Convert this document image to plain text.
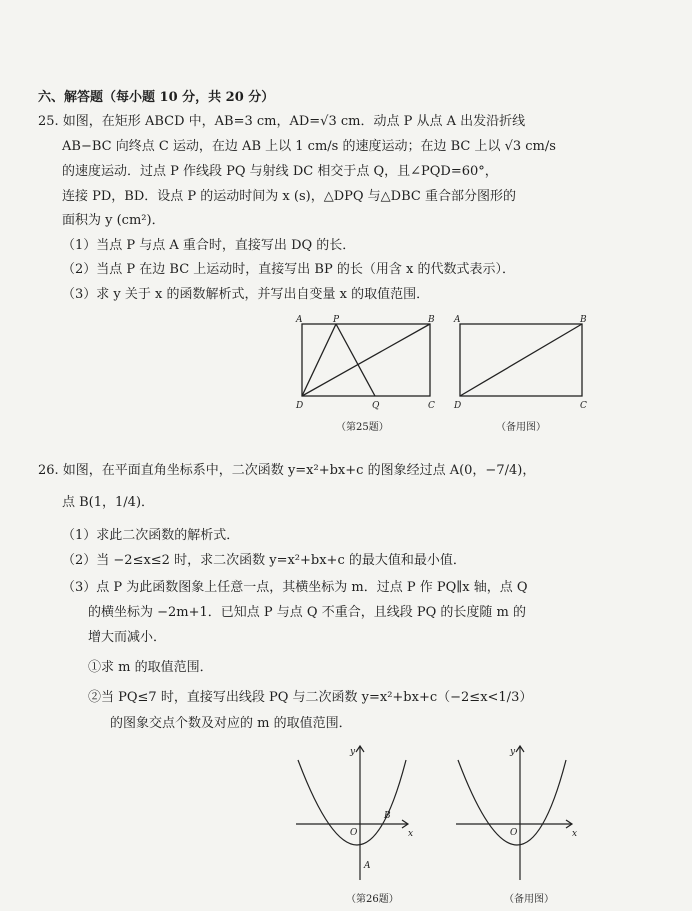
六、解答题（每小题 10 分，共 20 分）
25. 如图，在矩形 ABCD 中，AB=3 cm，AD=√3 cm．动点 P 从点 A 出发沿折线
AB−BC 向终点 C 运动，在边 AB 上以 1 cm/s 的速度运动；在边 BC 上以 √3 cm/s
的速度运动．过点 P 作线段 PQ 与射线 DC 相交于点 Q，且∠PQD=60°，
连接 PD，BD．设点 P 的运动时间为 x (s)，△DPQ 与△DBC 重合部分图形的
面积为 y (cm²)．
（1）当点 P 与点 A 重合时，直接写出 DQ 的长．
（2）当点 P 在边 BC 上运动时，直接写出 BP 的长（用含 x 的代数式表示）．
（3）求 y 关于 x 的函数解析式，并写出自变量 x 的取值范围．
A	P	B
D	Q	C
A	B
D	C
（第25题）	（备用图）
26. 如图，在平面直角坐标系中，二次函数 y=x²+bx+c 的图象经过点 A(0，−7/4)，
点 B(1，1/4)．
（1）求此二次函数的解析式．
（2）当 −2≤x≤2 时，求二次函数 y=x²+bx+c 的最大值和最小值．
（3）点 P 为此函数图象上任意一点，其横坐标为 m．过点 P 作 PQ∥x 轴，点 Q
的横坐标为 −2m+1．已知点 P 与点 Q 不重合，且线段 PQ 的长度随 m 的
增大而减小．
①求 m 的取值范围．
②当 PQ≤7 时，直接写出线段 PQ 与二次函数 y=x²+bx+c（−2≤x<1/3）
的图象交点个数及对应的 m 的取值范围．
y
x
O
A
B
y
x
O
（第26题）	（备用图）
